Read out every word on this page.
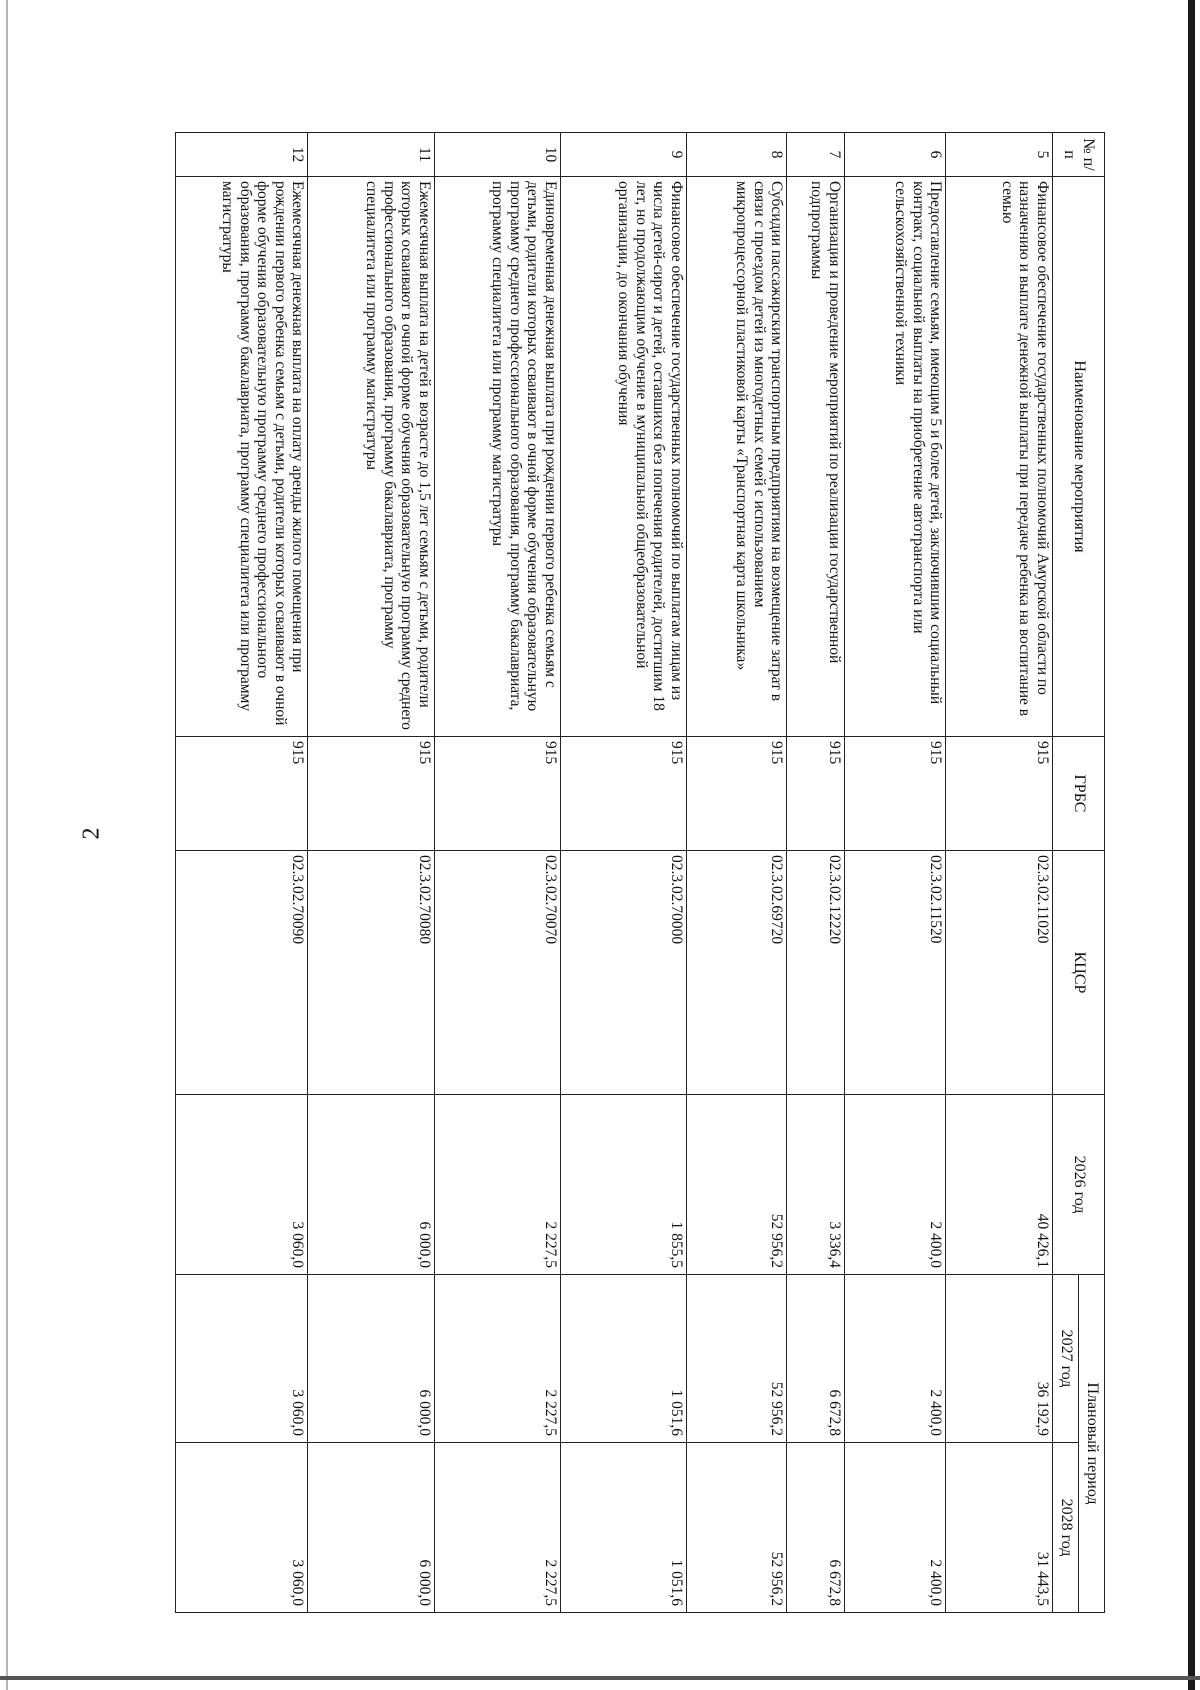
2
№ п/п	Наименование мероприятия	ГРБС	КЦСР	2026 год	Плановый период	
					2027 год	2028 год
5	Финансовое обеспечение государственных полномочий Амурской области по назначению и выплате денежной выплаты при передаче ребенка на воспитание в семью	915	02.3.02.11020	40 426,1	36 192,9	31 443,5
6	Предоставление семьям, имеющим 5 и более детей, заключившим социальный контракт, социальной выплаты на приобретение автотранспорта или сельскохозяйственной техники	915	02.3.02.11520	2 400,0	2 400,0	2 400,0
7	Организация и проведение мероприятий по реализации государственной подпрограммы	915	02.3.02.12220	3 336,4	6 672,8	6 672,8
8	Субсидии пассажирским транспортным предприятиям на возмещение затрат в связи с проездом детей из многодетных семей с использованием микропроцессорной пластиковой карты «Транспортная карта школьника»	915	02.3.02.69720	52 956,2	52 956,2	52 956,2
9	Финансовое обеспечение государственных полномочий по выплатам лицам из числа детей-сирот и детей, оставшихся без попечения родителей, достигшим 18 лет, но продолжающим обучение в муниципальной общеобразовательной организации, до окончания обучения	915	02.3.02.70000	1 855,5	1 051,6	1 051,6
10	Единовременная денежная выплата при рождении первого ребенка семьям с детьми, родители которых осваивают в очной форме обучения образовательную программу среднего профессионального образования, программу бакалавриата, программу специалитета или программу магистратуры	915	02.3.02.70070	2 227,5	2 227,5	2 227,5
11	Ежемесячная выплата на детей в возрасте до 1,5 лет семьям с детьми, родители которых осваивают в очной форме обучения образовательную программу среднего профессионального образования, программу бакалавриата, программу специалитета или программу магистратуры	915	02.3.02.70080	6 000,0	6 000,0	6 000,0
12	Ежемесячная денежная выплата на оплату аренды жилого помещения при рождении первого ребенка семьям с детьми, родители которых осваивают в очной форме обучения образовательную программу среднего профессионального образования, программу бакалавриата, программу специалитета или программу магистратуры	915	02.3.02.70090	3 060,0	3 060,0	3 060,0
